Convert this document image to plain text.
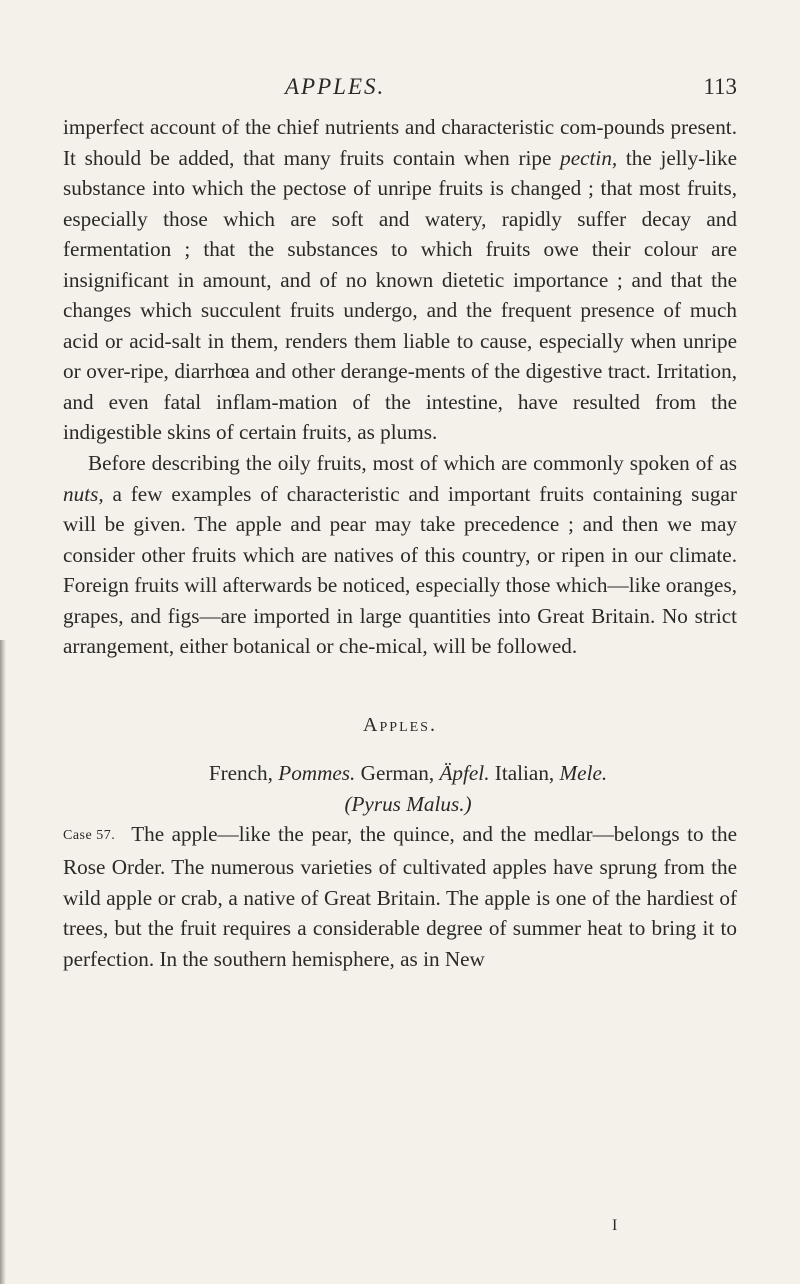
APPLES.	113

imperfect account of the chief nutrients and characteristic com-pounds present. It should be added, that many fruits contain when ripe pectin, the jelly-like substance into which the pectose of unripe fruits is changed ; that most fruits, especially those which are soft and watery, rapidly suffer decay and fermentation ; that the substances to which fruits owe their colour are insignificant in amount, and of no known dietetic importance ; and that the changes which succulent fruits undergo, and the frequent presence of much acid or acid-salt in them, renders them liable to cause, especially when unripe or over-ripe, diarrhœa and other derange-ments of the digestive tract. Irritation, and even fatal inflam-mation of the intestine, have resulted from the indigestible skins of certain fruits, as plums.

Before describing the oily fruits, most of which are commonly spoken of as nuts, a few examples of characteristic and important fruits containing sugar will be given. The apple and pear may take precedence ; and then we may consider other fruits which are natives of this country, or ripen in our climate. Foreign fruits will afterwards be noticed, especially those which—like oranges, grapes, and figs—are imported in large quantities into Great Britain. No strict arrangement, either botanical or che-mical, will be followed.

Apples.

French, Pommes. German, Äpfel. Italian, Mele.

(Pyrus Malus.)

Case 57. The apple—like the pear, the quince, and the medlar—belongs to the Rose Order. The numerous varieties of cultivated apples have sprung from the wild apple or crab, a native of Great Britain. The apple is one of the hardiest of trees, but the fruit requires a considerable degree of summer heat to bring it to perfection. In the southern hemisphere, as in New

I
